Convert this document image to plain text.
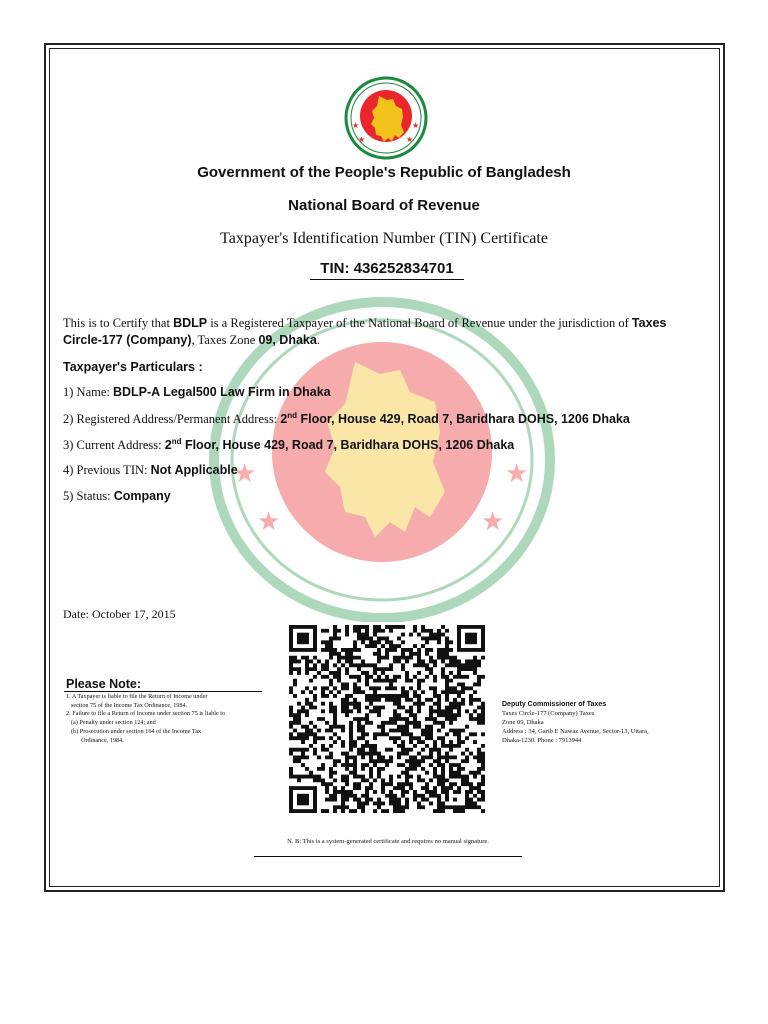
★
★
★
★
★	★
★	★
Government of the People's Republic of Bangladesh
National Board of Revenue
Taxpayer's Identification Number (TIN) Certificate
TIN: 436252834701
This is to Certify that BDLP is a Registered Taxpayer of the National Board of Revenue under the jurisdiction of Taxes Circle-177 (Company), Taxes Zone 09, Dhaka.
Taxpayer's Particulars :
1) Name: BDLP-A Legal500 Law Firm in Dhaka
2) Registered Address/Permanent Address: 2nd Floor, House 429, Road 7, Baridhara DOHS, 1206 Dhaka
3) Current Address: 2nd Floor, House 429, Road 7, Baridhara DOHS, 1206 Dhaka
4) Previous TIN: Not Applicable
5) Status: Company
Date: October 17, 2015
Please Note:
1. A Taxpayer is liable to file the Return of Income under
section 75 of the Income Tax Ordinance, 1984.
2. Failure to file a Return of Income under section 75 is liable to
(a) Penalty under section 124; and
(b) Prosecution under section 164 of the Income Tax
Ordinance, 1984.
Deputy Commissioner of Taxes
Taxes Circle-177 (Company) Taxes
Zone 09, Dhaka
Address : 34, Garib E Nawaz Avenue, Sector-13, Uttara,
Dhaka-1230. Phone : 7913944
N. B: This is a system-generated certificate and requires no manual signature.
